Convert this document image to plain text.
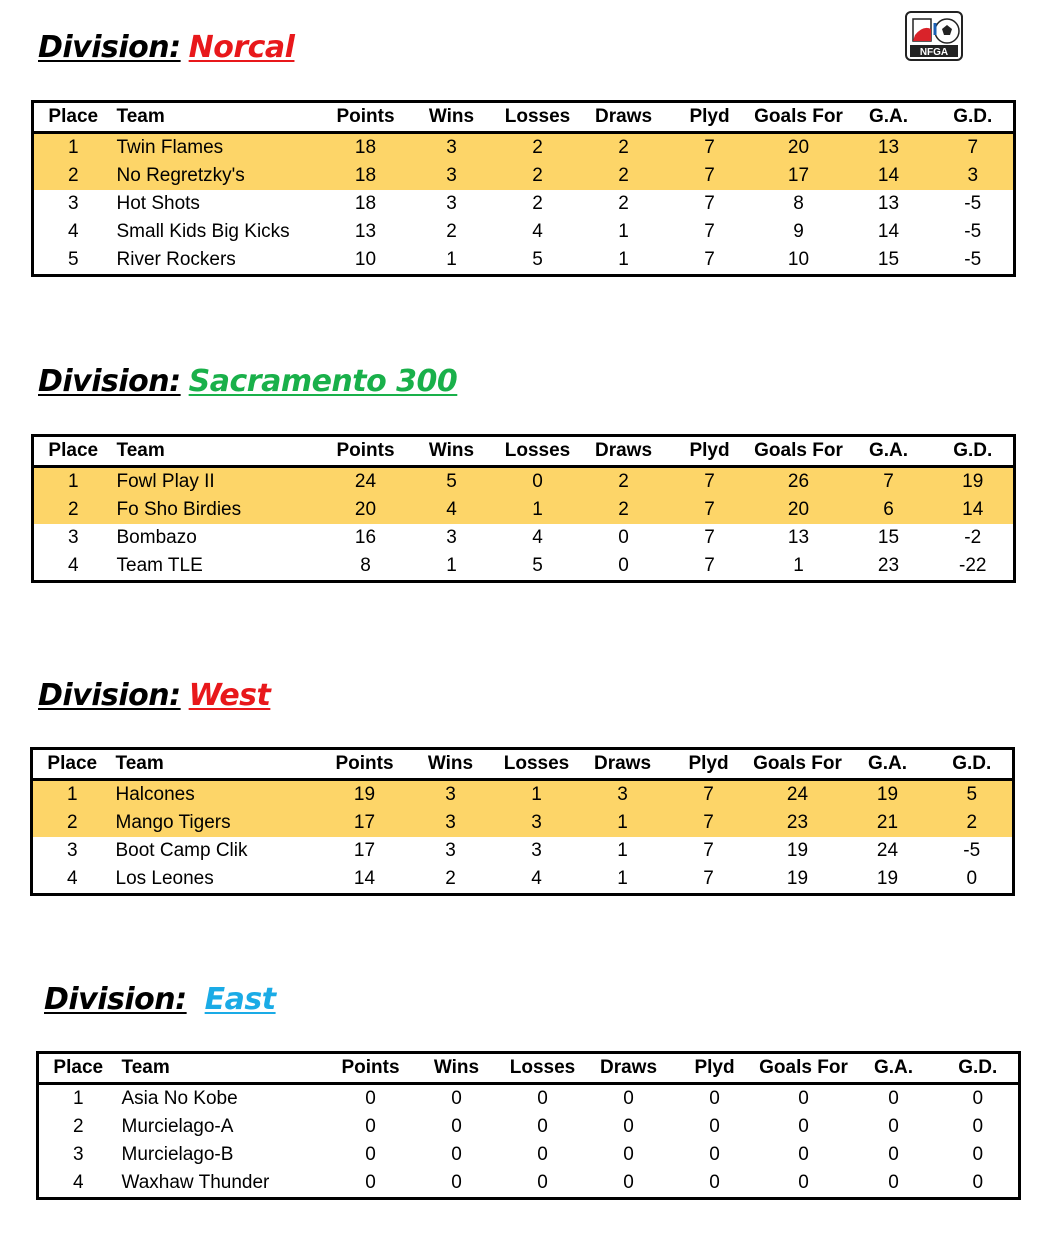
NFGA
Division: Norcal
Place	Team	Points	Wins	Losses	Draws	Plyd	Goals For	G.A.	G.D.
1	Twin Flames	18	3	2	2	7	20	13	7
2	No Regretzky's	18	3	2	2	7	17	14	3
3	Hot Shots	18	3	2	2	7	8	13	-5
4	Small Kids Big Kicks	13	2	4	1	7	9	14	-5
5	River Rockers	10	1	5	1	7	10	15	-5
Division: Sacramento 300
Place	Team	Points	Wins	Losses	Draws	Plyd	Goals For	G.A.	G.D.
1	Fowl Play II	24	5	0	2	7	26	7	19
2	Fo Sho Birdies	20	4	1	2	7	20	6	14
3	Bombazo	16	3	4	0	7	13	15	-2
4	Team TLE	8	1	5	0	7	1	23	-22
Division: West
Place	Team	Points	Wins	Losses	Draws	Plyd	Goals For	G.A.	G.D.
1	Halcones	19	3	1	3	7	24	19	5
2	Mango Tigers	17	3	3	1	7	23	21	2
3	Boot Camp Clik	17	3	3	1	7	19	24	-5
4	Los Leones	14	2	4	1	7	19	19	0
Division: East
Place	Team	Points	Wins	Losses	Draws	Plyd	Goals For	G.A.	G.D.
1	Asia No Kobe	0	0	0	0	0	0	0	0
2	Murcielago-A	0	0	0	0	0	0	0	0
3	Murcielago-B	0	0	0	0	0	0	0	0
4	Waxhaw Thunder	0	0	0	0	0	0	0	0
